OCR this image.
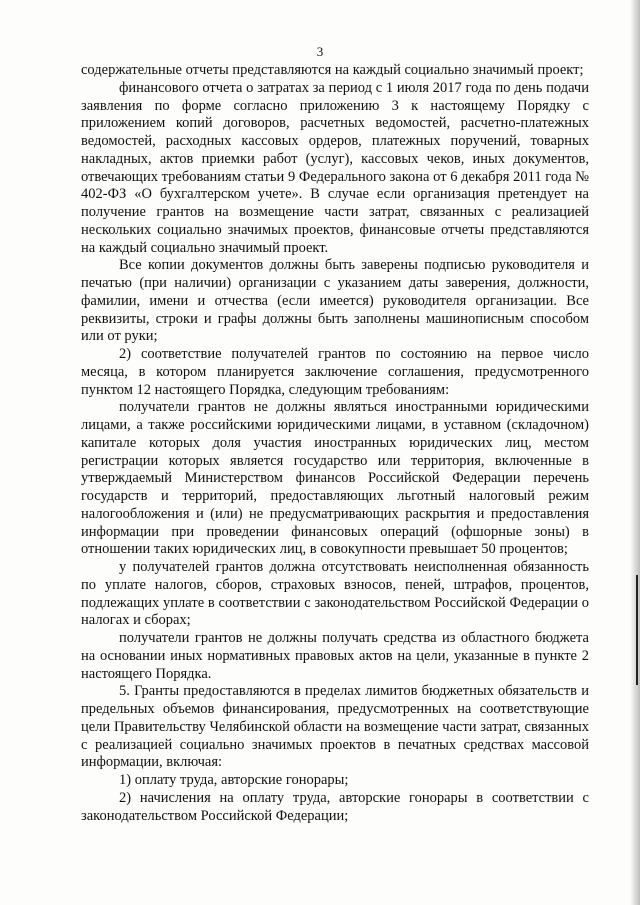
3

содержательные отчеты представляются на каждый социально значимый проект;

финансового отчета о затратах за период с 1 июля 2017 года по день подачи заявления по форме согласно приложению 3 к настоящему Порядку с приложением копий договоров, расчетных ведомостей, расчетно-платежных ведомостей, расходных кассовых ордеров, платежных поручений, товарных накладных, актов приемки работ (услуг), кассовых чеков, иных документов, отвечающих требованиям статьи 9 Федерального закона от 6 декабря 2011 года № 402-ФЗ «О бухгалтерском учете». В случае если организация претендует на получение грантов на возмещение части затрат, связанных с реализацией нескольких социально значимых проектов, финансовые отчеты представляются на каждый социально значимый проект.

Все копии документов должны быть заверены подписью руководителя и печатью (при наличии) организации с указанием даты заверения, должности, фамилии, имени и отчества (если имеется) руководителя организации. Все реквизиты, строки и графы должны быть заполнены машинописным способом или от руки;

2) соответствие получателей грантов по состоянию на первое число месяца, в котором планируется заключение соглашения, предусмотренного пунктом 12 настоящего Порядка, следующим требованиям:

получатели грантов не должны являться иностранными юридическими лицами, а также российскими юридическими лицами, в уставном (складочном) капитале которых доля участия иностранных юридических лиц, местом регистрации которых является государство или территория, включенные в утверждаемый Министерством финансов Российской Федерации перечень государств и территорий, предоставляющих льготный налоговый режим налогообложения и (или) не предусматривающих раскрытия и предоставления информации при проведении финансовых операций (офшорные зоны) в отношении таких юридических лиц, в совокупности превышает 50 процентов;

у получателей грантов должна отсутствовать неисполненная обязанность по уплате налогов, сборов, страховых взносов, пеней, штрафов, процентов, подлежащих уплате в соответствии с законодательством Российской Федерации о налогах и сборах;

получатели грантов не должны получать средства из областного бюджета на основании иных нормативных правовых актов на цели, указанные в пункте 2 настоящего Порядка.

5. Гранты предоставляются в пределах лимитов бюджетных обязательств и предельных объемов финансирования, предусмотренных на соответствующие цели Правительству Челябинской области на возмещение части затрат, связанных с реализацией социально значимых проектов в печатных средствах массовой информации, включая:

1) оплату труда, авторские гонорары;

2) начисления на оплату труда, авторские гонорары в соответствии с законодательством Российской Федерации;
